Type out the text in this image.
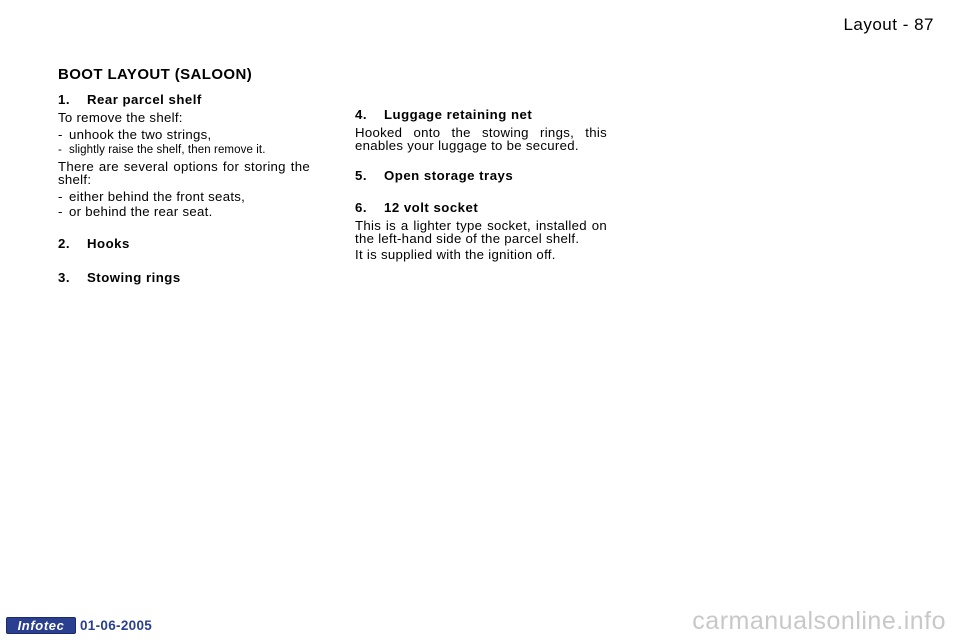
Layout - 87
BOOT LAYOUT (SALOON)
1. Rear parcel shelf
To remove the shelf:
- unhook the two strings,
- slightly raise the shelf, then remove it.
There are several options for storing the shelf:
- either behind the front seats,
- or behind the rear seat.
2. Hooks
3. Stowing rings
4. Luggage retaining net
Hooked onto the stowing rings, this enables your luggage to be secured.
5. Open storage trays
6. 12 volt socket
This is a lighter type socket, installed on the left-hand side of the parcel shelf.
It is supplied with the ignition off.
Infotec	01-06-2005	carmanualsonline.info
